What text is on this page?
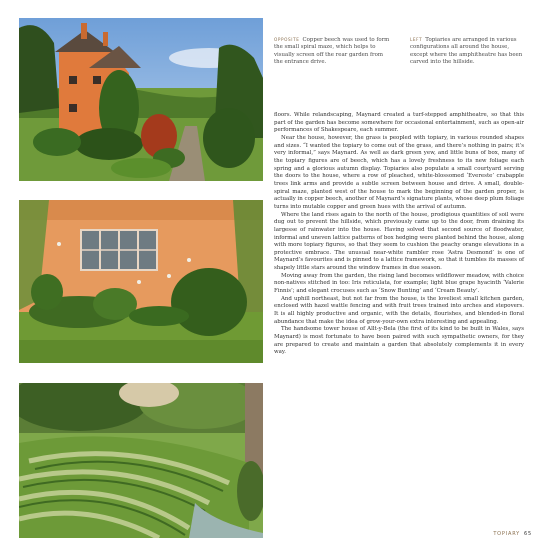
OPPOSITE Copper beech was used to form the small spiral maze, which helps to visually screen off the rear garden from the entrance drive.
LEFT Topiaries are arranged in various configurations all around the house, except where the amphitheatre has been carved into the hillside.

floors. While relandscaping, Maynard created a turf-stepped amphitheatre, so that this part of the garden has become somewhere for occasional entertainment, such as open-air performances of Shakespeare, each summer.

Near the house, however, the grass is peopled with topiary, in various rounded shapes and sizes. “I wanted the topiary to come out of the grass, and there’s nothing in pairs; it’s very informal,” says Maynard. As well as dark green yew, and little buns of box, many of the topiary figures are of beech, which has a lovely freshness to its new foliage each spring and a glorious autumn display. Topiaries also populate a small courtyard serving the doors to the house, where a row of pleached, white-blossomed ‘Evereste’ crabapple trees link arms and provide a subtle screen between house and drive. A small, double-spiral maze, planted west of the house to mark the beginning of the garden proper, is actually in copper beech, another of Maynard’s signature plants, whose deep plum foliage turns into mutable copper and green hues with the arrival of autumn.

Where the land rises again to the north of the house, prodigious quantities of soil were dug out to prevent the hillside, which previously came up to the door, from draining its largesse of rainwater into the house. Having solved that second source of floodwater, informal and uneven lattice patterns of box hedging were planted behind the house, along with more topiary figures, so that they seem to cushion the peachy orange elevations in a protective embrace. The unusual near-white rambler rose ‘Astra Desmond’ is one of Maynard’s favourites and is pinned to a lattice framework, so that it tumbles its masses of shapely little stars around the window frames in due season.

Moving away from the garden, the rising land becomes wildflower meadow, with choice non-natives stitched in too: Iris reticulata, for example; light blue grape hyacinth ‘Valerie Finnis’; and elegant crocuses such as ‘Snow Bunting’ and ‘Cream Beauty’.

And uphill northeast, but not far from the house, is the loveliest small kitchen garden, enclosed with hazel wattle fencing and with fruit trees trained into arches and stepovers. It is all highly productive and organic, with the details, flourishes, and blended-in floral abundance that make the idea of grow-your-own extra interesting and appealing.

The handsome tower house of Allt-y-Bela (the first of its kind to be built in Wales, says Maynard) is most fortunate to have been paired with such sympathetic owners, for they are prepared to create and maintain a garden that absolutely complements it in every way.

TOPIARY 65
